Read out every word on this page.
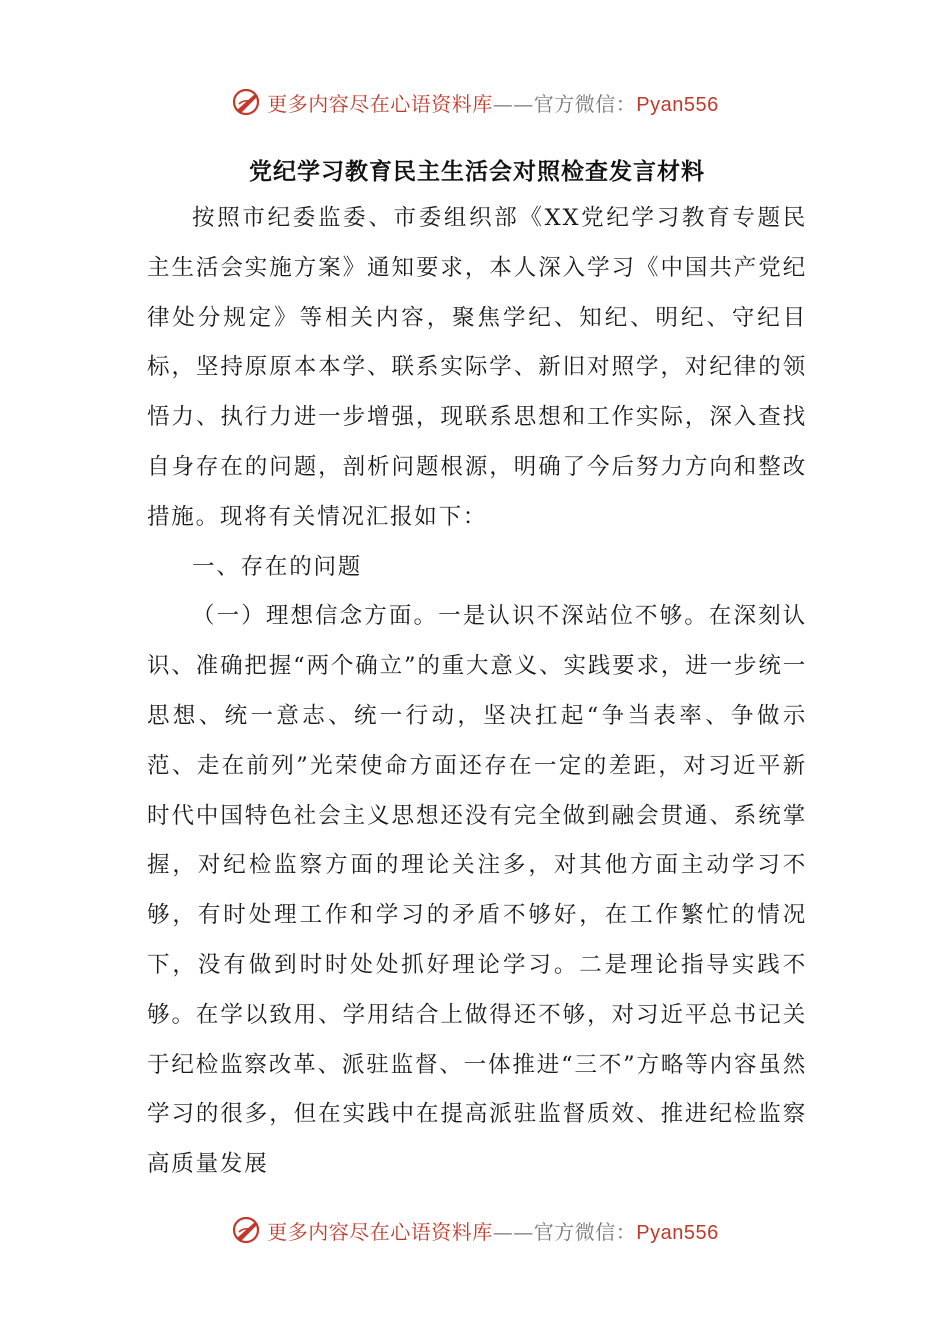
更多内容尽在心语资料库——官方微信：Pyan556
党纪学习教育民主生活会对照检查发言材料

按照市纪委监委、市委组织部《XX党纪学习教育专题民主生活会实施方案》通知要求，本人深入学习《中国共产党纪律处分规定》等相关内容，聚焦学纪、知纪、明纪、守纪目标，坚持原原本本学、联系实际学、新旧对照学，对纪律的领悟力、执行力进一步增强，现联系思想和工作实际，深入查找自身存在的问题，剖析问题根源，明确了今后努力方向和整改措施。现将有关情况汇报如下：

一、存在的问题

（一）理想信念方面。一是认识不深站位不够。在深刻认识、准确把握“两个确立”的重大意义、实践要求，进一步统一思想、统一意志、统一行动，坚决扛起“争当表率、争做示范、走在前列”光荣使命方面还存在一定的差距，对习近平新时代中国特色社会主义思想还没有完全做到融会贯通、系统掌握，对纪检监察方面的理论关注多，对其他方面主动学习不够，有时处理工作和学习的矛盾不够好，在工作繁忙的情况下，没有做到时时处处抓好理论学习。二是理论指导实践不够。在学以致用、学用结合上做得还不够，对习近平总书记关于纪检监察改革、派驻监督、一体推进“三不”方略等内容虽然学习的很多，但在实践中在提高派驻监督质效、推进纪检监察高质量发展

更多内容尽在心语资料库——官方微信：Pyan556
